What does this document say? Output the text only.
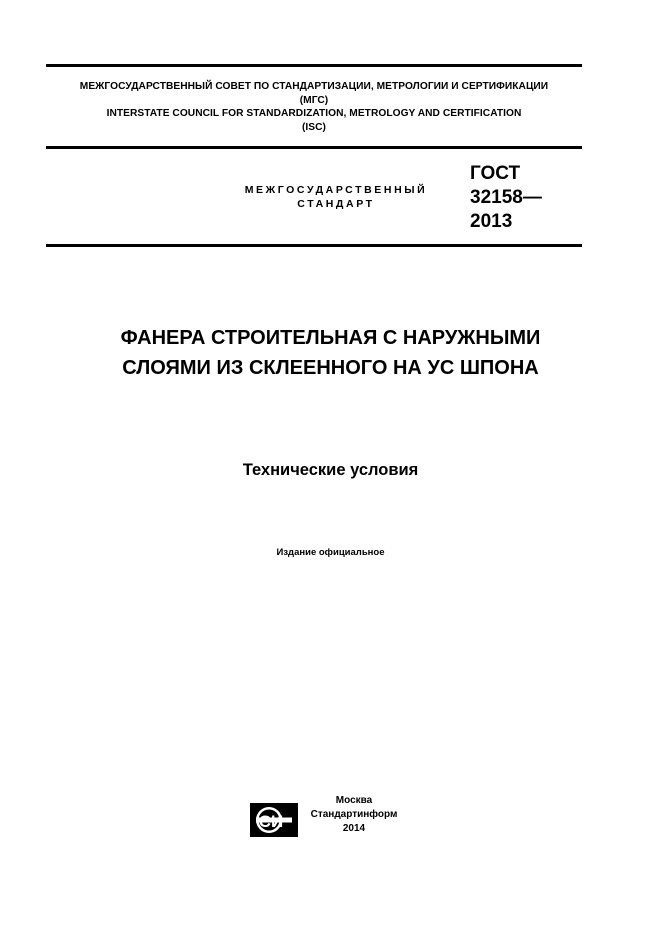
МЕЖГОСУДАРСТВЕННЫЙ СОВЕТ ПО СТАНДАРТИЗАЦИИ, МЕТРОЛОГИИ И СЕРТИФИКАЦИИ
(МГС)
INTERSTATE COUNCIL FOR STANDARDIZATION, METROLOGY AND CERTIFICATION
(ISC)
МЕЖГОСУДАРСТВЕННЫЙ
СТАНДАРТ
ГОСТ
32158—
2013
ФАНЕРА СТРОИТЕЛЬНАЯ С НАРУЖНЫМИ
СЛОЯМИ ИЗ СКЛЕЕННОГО НА УС ШПОНА
Технические условия
Издание официальное
СИ
Москва
Стандартинформ
2014
